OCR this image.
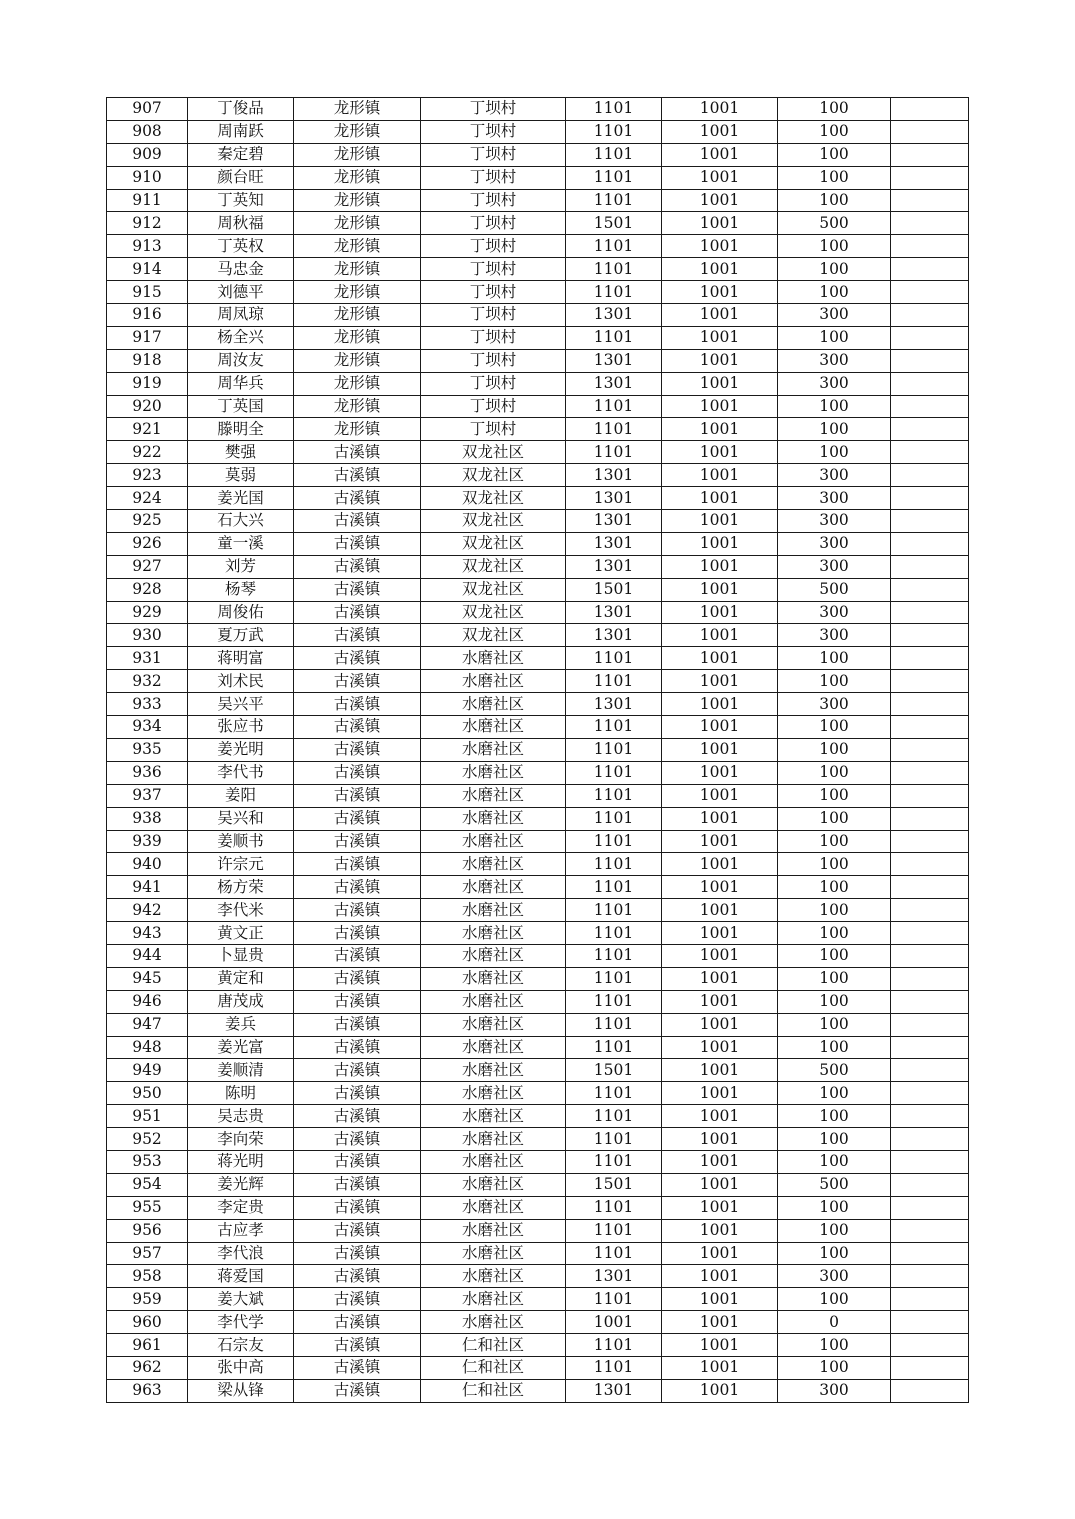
907	丁俊品	龙形镇	丁坝村	1101	1001	100	
908	周南跃	龙形镇	丁坝村	1101	1001	100	
909	秦定碧	龙形镇	丁坝村	1101	1001	100	
910	颜台旺	龙形镇	丁坝村	1101	1001	100	
911	丁英知	龙形镇	丁坝村	1101	1001	100	
912	周秋福	龙形镇	丁坝村	1501	1001	500	
913	丁英权	龙形镇	丁坝村	1101	1001	100	
914	马忠金	龙形镇	丁坝村	1101	1001	100	
915	刘德平	龙形镇	丁坝村	1101	1001	100	
916	周凤琼	龙形镇	丁坝村	1301	1001	300	
917	杨全兴	龙形镇	丁坝村	1101	1001	100	
918	周汝友	龙形镇	丁坝村	1301	1001	300	
919	周华兵	龙形镇	丁坝村	1301	1001	300	
920	丁英国	龙形镇	丁坝村	1101	1001	100	
921	滕明全	龙形镇	丁坝村	1101	1001	100	
922	樊强	古溪镇	双龙社区	1101	1001	100	
923	莫弱	古溪镇	双龙社区	1301	1001	300	
924	姜光国	古溪镇	双龙社区	1301	1001	300	
925	石大兴	古溪镇	双龙社区	1301	1001	300	
926	童一溪	古溪镇	双龙社区	1301	1001	300	
927	刘芳	古溪镇	双龙社区	1301	1001	300	
928	杨琴	古溪镇	双龙社区	1501	1001	500	
929	周俊佑	古溪镇	双龙社区	1301	1001	300	
930	夏万武	古溪镇	双龙社区	1301	1001	300	
931	蒋明富	古溪镇	水磨社区	1101	1001	100	
932	刘术民	古溪镇	水磨社区	1101	1001	100	
933	吴兴平	古溪镇	水磨社区	1301	1001	300	
934	张应书	古溪镇	水磨社区	1101	1001	100	
935	姜光明	古溪镇	水磨社区	1101	1001	100	
936	李代书	古溪镇	水磨社区	1101	1001	100	
937	姜阳	古溪镇	水磨社区	1101	1001	100	
938	吴兴和	古溪镇	水磨社区	1101	1001	100	
939	姜顺书	古溪镇	水磨社区	1101	1001	100	
940	许宗元	古溪镇	水磨社区	1101	1001	100	
941	杨方荣	古溪镇	水磨社区	1101	1001	100	
942	李代米	古溪镇	水磨社区	1101	1001	100	
943	黄文正	古溪镇	水磨社区	1101	1001	100	
944	卜显贵	古溪镇	水磨社区	1101	1001	100	
945	黄定和	古溪镇	水磨社区	1101	1001	100	
946	唐茂成	古溪镇	水磨社区	1101	1001	100	
947	姜兵	古溪镇	水磨社区	1101	1001	100	
948	姜光富	古溪镇	水磨社区	1101	1001	100	
949	姜顺清	古溪镇	水磨社区	1501	1001	500	
950	陈明	古溪镇	水磨社区	1101	1001	100	
951	吴志贵	古溪镇	水磨社区	1101	1001	100	
952	李向荣	古溪镇	水磨社区	1101	1001	100	
953	蒋光明	古溪镇	水磨社区	1101	1001	100	
954	姜光辉	古溪镇	水磨社区	1501	1001	500	
955	李定贵	古溪镇	水磨社区	1101	1001	100	
956	古应孝	古溪镇	水磨社区	1101	1001	100	
957	李代浪	古溪镇	水磨社区	1101	1001	100	
958	蒋爱国	古溪镇	水磨社区	1301	1001	300	
959	姜大斌	古溪镇	水磨社区	1101	1001	100	
960	李代学	古溪镇	水磨社区	1001	1001	0	
961	石宗友	古溪镇	仁和社区	1101	1001	100	
962	张中高	古溪镇	仁和社区	1101	1001	100	
963	梁从锋	古溪镇	仁和社区	1301	1001	300	
